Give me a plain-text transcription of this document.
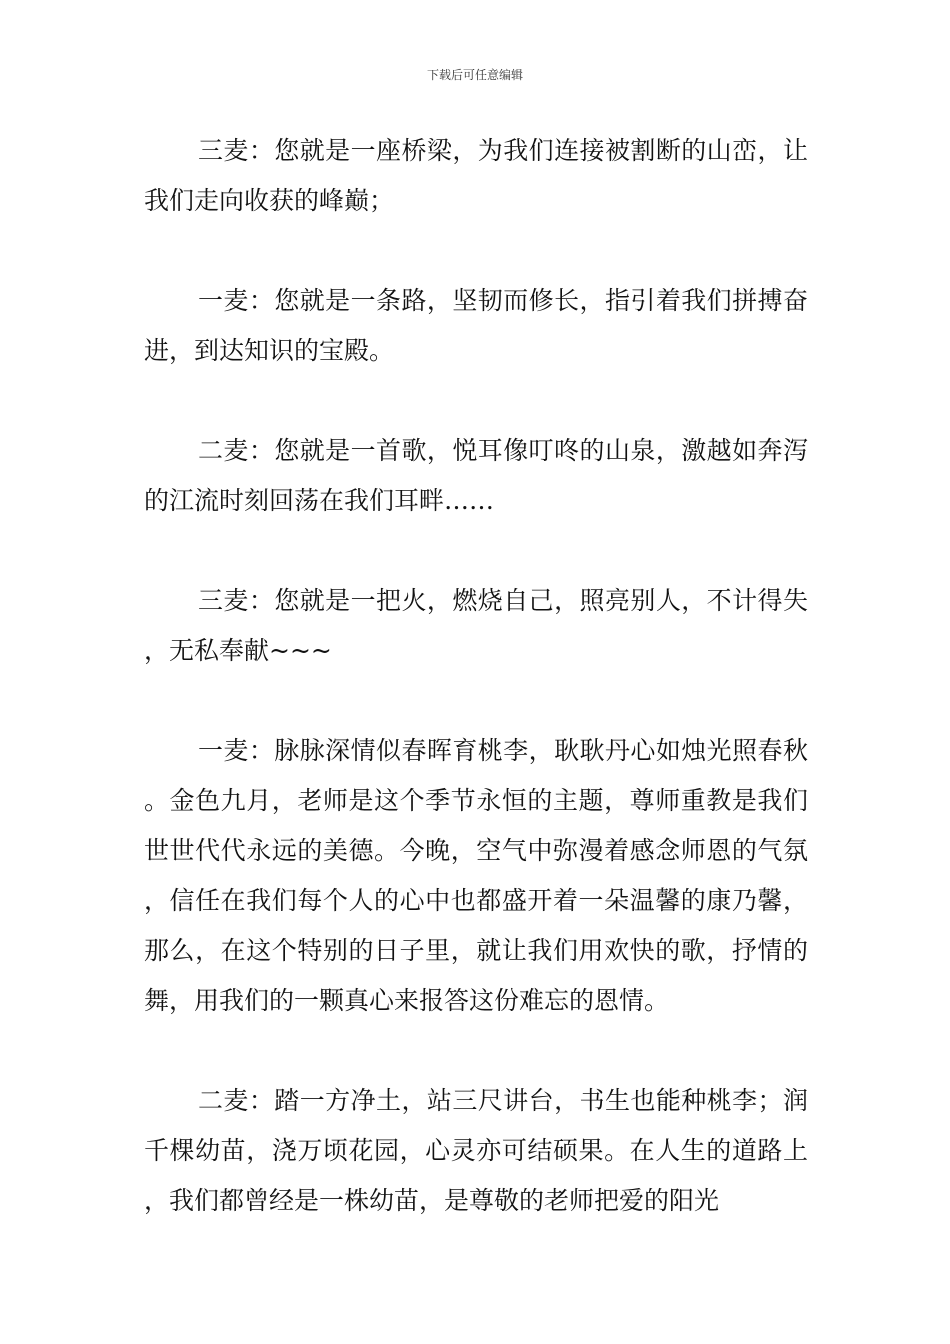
下载后可任意编辑

三麦：您就是一座桥梁，为我们连接被割断的山峦，让我们走向收获的峰巅；

一麦：您就是一条路，坚韧而修长，指引着我们拼搏奋进，到达知识的宝殿。

二麦：您就是一首歌，悦耳像叮咚的山泉，激越如奔泻的江流时刻回荡在我们耳畔……

三麦：您就是一把火，燃烧自己，照亮别人，不计得失，无私奉献~~~

一麦：脉脉深情似春晖育桃李，耿耿丹心如烛光照春秋。金色九月，老师是这个季节永恒的主题，尊师重教是我们世世代代永远的美德。今晚，空气中弥漫着感念师恩的气氛，信任在我们每个人的心中也都盛开着一朵温馨的康乃馨，那么，在这个特别的日子里，就让我们用欢快的歌，抒情的舞，用我们的一颗真心来报答这份难忘的恩情。

二麦：踏一方净土，站三尺讲台，书生也能种桃李；润千棵幼苗，浇万顷花园，心灵亦可结硕果。在人生的道路上，我们都曾经是一株幼苗，是尊敬的老师把爱的阳光
